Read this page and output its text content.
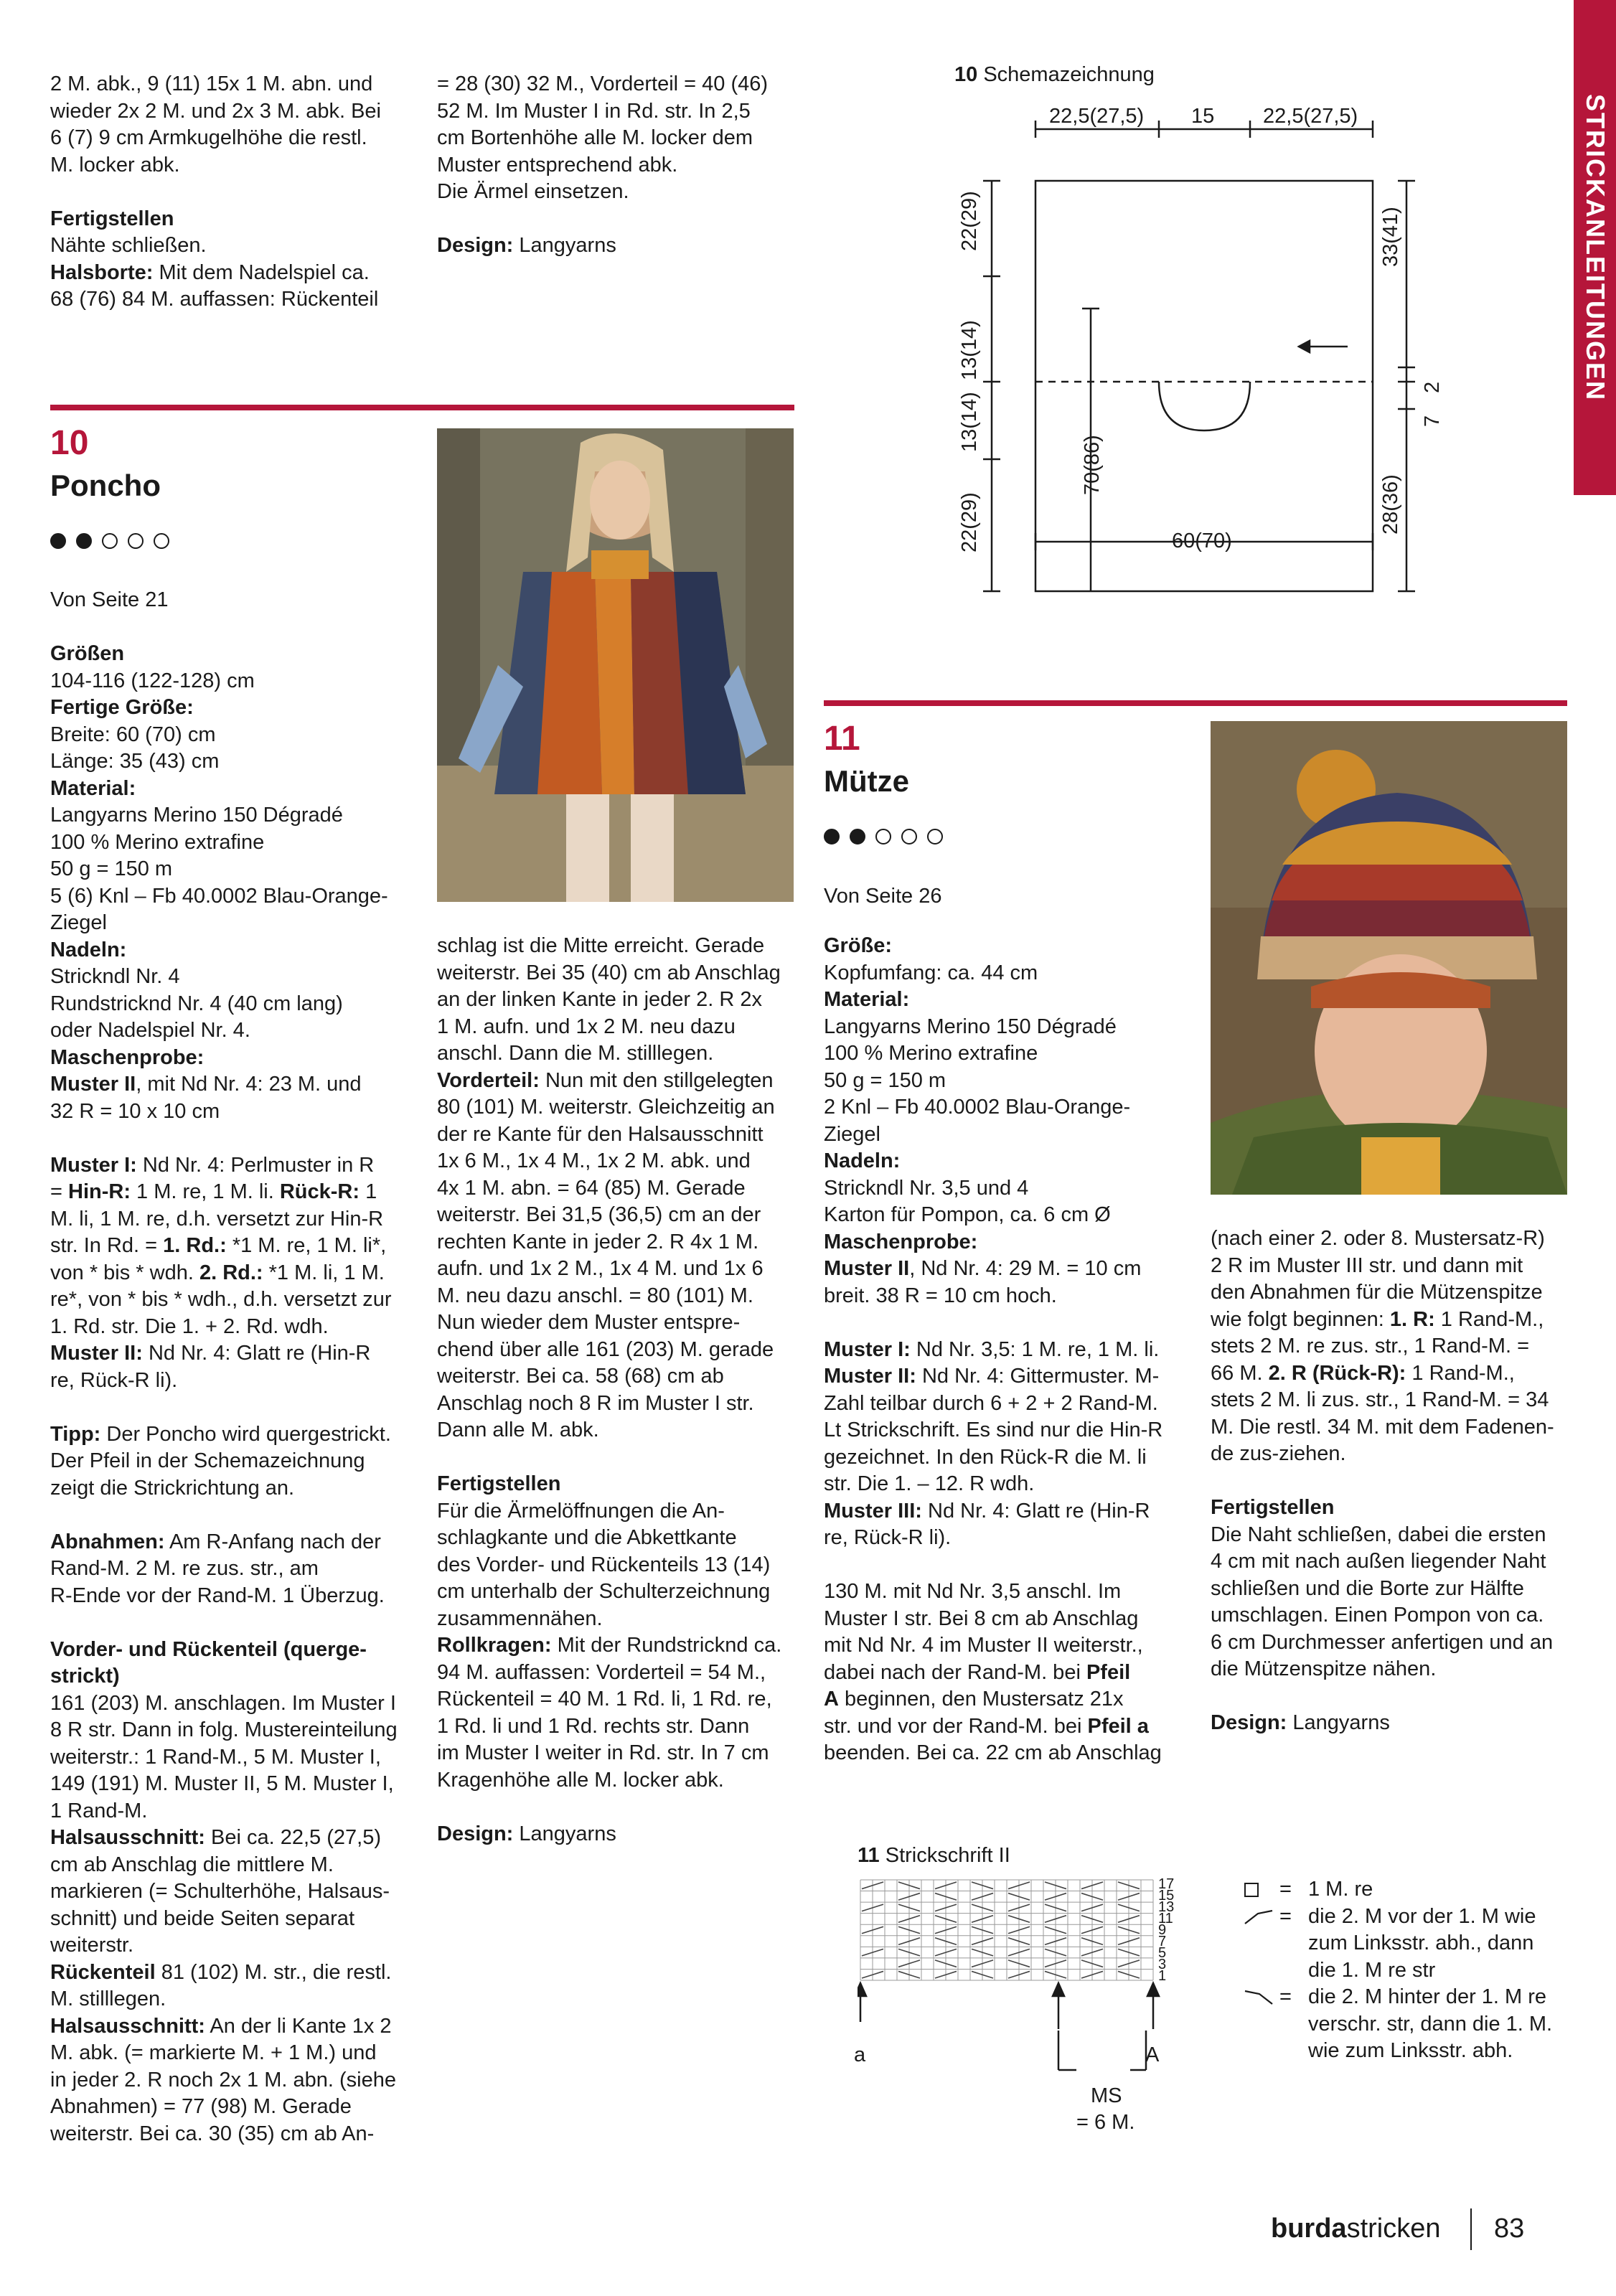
STRICKANLEITUNGEN

2 M. abk., 9 (11) 15x 1 M. abn. und

wieder 2x 2 M. und 2x 3 M. abk. Bei

6 (7) 9 cm Armkugelhöhe die restl.

M. locker abk.

Fertigstellen

Nähte schließen.

Halsborte: Mit dem Nadelspiel ca.

68 (76) 84 M. auffassen: Rückenteil

= 28 (30) 32 M., Vorderteil = 40 (46)

52 M. Im Muster I in Rd. str. In 2,5

cm Bortenhöhe alle M. locker dem

Muster entsprechend abk.

Die Ärmel einsetzen.

Design: Langyarns

10
Poncho
Von Seite 21

Größen

104-116 (122-128) cm

Fertige Größe:

Breite: 60 (70) cm

Länge: 35 (43) cm

Material:

Langyarns Merino 150 Dégradé

100 % Merino extrafine

50 g = 150 m

5 (6) Knl – Fb 40.0002 Blau-Orange-

Ziegel

Nadeln:

Strickndl Nr. 4

Rundstricknd Nr. 4 (40 cm lang)

oder Nadelspiel Nr. 4.

Maschenprobe:

Muster II, mit Nd Nr. 4: 23 M. und

32 R = 10 x 10 cm

Muster I: Nd Nr. 4: Perlmuster in R

= Hin-R: 1 M. re, 1 M. li. Rück-R: 1

M. li, 1 M. re, d.h. versetzt zur Hin-R

str. In Rd. = 1. Rd.: *1 M. re, 1 M. li*,

von * bis * wdh. 2. Rd.: *1 M. li, 1 M.

re*, von * bis * wdh., d.h. versetzt zur

1. Rd. str. Die 1. + 2. Rd. wdh.

Muster II: Nd Nr. 4: Glatt re (Hin-R

re, Rück-R li).

Tipp: Der Poncho wird quergestrickt.

Der Pfeil in der Schemazeichnung

zeigt die Strickrichtung an.

Abnahmen: Am R-Anfang nach der

Rand-M. 2 M. re zus. str., am

R-Ende vor der Rand-M. 1 Überzug.

Vorder- und Rückenteil (querge-

strickt)

161 (203) M. anschlagen. Im Muster I

8 R str. Dann in folg. Mustereinteilung

weiterstr.: 1 Rand-M., 5 M. Muster I,

149 (191) M. Muster II, 5 M. Muster I,

1 Rand-M.

Halsausschnitt: Bei ca. 22,5 (27,5)

cm ab Anschlag die mittlere M.

markieren (= Schulterhöhe, Halsaus-

schnitt) und beide Seiten separat

weiterstr.

Rückenteil 81 (102) M. str., die restl.

M. stilllegen.

Halsausschnitt: An der li Kante 1x 2

M. abk. (= markierte M. + 1 M.) und

in jeder 2. R noch 2x 1 M. abn. (siehe

Abnahmen) = 77 (98) M. Gerade

weiterstr. Bei ca. 30 (35) cm ab An-

schlag ist die Mitte erreicht. Gerade

weiterstr. Bei 35 (40) cm ab Anschlag

an der linken Kante in jeder 2. R 2x

1 M. aufn. und 1x 2 M. neu dazu

anschl. Dann die M. stilllegen.

Vorderteil: Nun mit den stillgelegten

80 (101) M. weiterstr. Gleichzeitig an

der re Kante für den Halsausschnitt

1x 6 M., 1x 4 M., 1x 2 M. abk. und

4x 1 M. abn. = 64 (85) M. Gerade

weiterstr. Bei 31,5 (36,5) cm an der

rechten Kante in jeder 2. R 4x 1 M.

aufn. und 1x 2 M., 1x 4 M. und 1x 6

M. neu dazu anschl. = 80 (101) M.

Nun wieder dem Muster entspre-

chend über alle 161 (203) M. gerade

weiterstr. Bei ca. 58 (68) cm ab

Anschlag noch 8 R im Muster I str.

Dann alle M. abk.

Fertigstellen

Für die Ärmelöffnungen die An-

schlagkante und die Abkettkante

des Vorder- und Rückenteils 13 (14)

cm unterhalb der Schulterzeichnung

zusammennähen.

Rollkragen: Mit der Rundstricknd ca.

94 M. auffassen: Vorderteil = 54 M.,

Rückenteil = 40 M. 1 Rd. li, 1 Rd. re,

1 Rd. li und 1 Rd. rechts str. Dann

im Muster I weiter in Rd. str. In 7 cm

Kragenhöhe alle M. locker abk.

Design: Langyarns

10 Schemazeichnung
22,5(27,5) 15 22,5(27,5)
22(29)
13(14)
13(14)
22(29)
70(86)
60(70)
33(41)
2
7
28(36)
11
Mütze
Von Seite 26

Größe:

Kopfumfang: ca. 44 cm

Material:

Langyarns Merino 150 Dégradé

100 % Merino extrafine

50 g = 150 m

2 Knl – Fb 40.0002 Blau-Orange-

Ziegel

Nadeln:

Strickndl Nr. 3,5 und 4

Karton für Pompon, ca. 6 cm Ø

Maschenprobe:

Muster II, Nd Nr. 4: 29 M. = 10 cm

breit. 38 R = 10 cm hoch.

Muster I: Nd Nr. 3,5: 1 M. re, 1 M. li.

Muster II: Nd Nr. 4: Gittermuster. M-

Zahl teilbar durch 6 + 2 + 2 Rand-M.

Lt Strickschrift. Es sind nur die Hin-R

gezeichnet. In den Rück-R die M. li

str. Die 1. – 12. R wdh.

Muster III: Nd Nr. 4: Glatt re (Hin-R

re, Rück-R li).

130 M. mit Nd Nr. 3,5 anschl. Im

Muster I str. Bei 8 cm ab Anschlag

mit Nd Nr. 4 im Muster II weiterstr.,

dabei nach der Rand-M. bei Pfeil

A beginnen, den Mustersatz 21x

str. und vor der Rand-M. bei Pfeil a

beenden. Bei ca. 22 cm ab Anschlag

(nach einer 2. oder 8. Mustersatz-R)

2 R im Muster III str. und dann mit

den Abnahmen für die Mützenspitze

wie folgt beginnen: 1. R: 1 Rand-M.,

stets 2 M. re zus. str., 1 Rand-M. =

66 M. 2. R (Rück-R): 1 Rand-M.,

stets 2 M. li zus. str., 1 Rand-M. = 34

M. Die restl. 34 M. mit dem Fadenen-

de zus-ziehen.

Fertigstellen

Die Naht schließen, dabei die ersten

4 cm mit nach außen liegender Naht

schließen und die Borte zur Hälfte

umschlagen. Einen Pompon von ca.

6 cm Durchmesser anfertigen und an

die Mützenspitze nähen.

Design: Langyarns

11 Strickschrift II
17
15
13
11
9
7
5
3
1
a	A
MS
= 6 M.
= 1 M. re

= die 2. M vor der 1. M wie
zum Linksstr. abh., dann
die 1. M re str

= die 2. M hinter der 1. M re
verschr. str, dann die 1. M.
wie zum Linksstr. abh.

burdastricken 83
